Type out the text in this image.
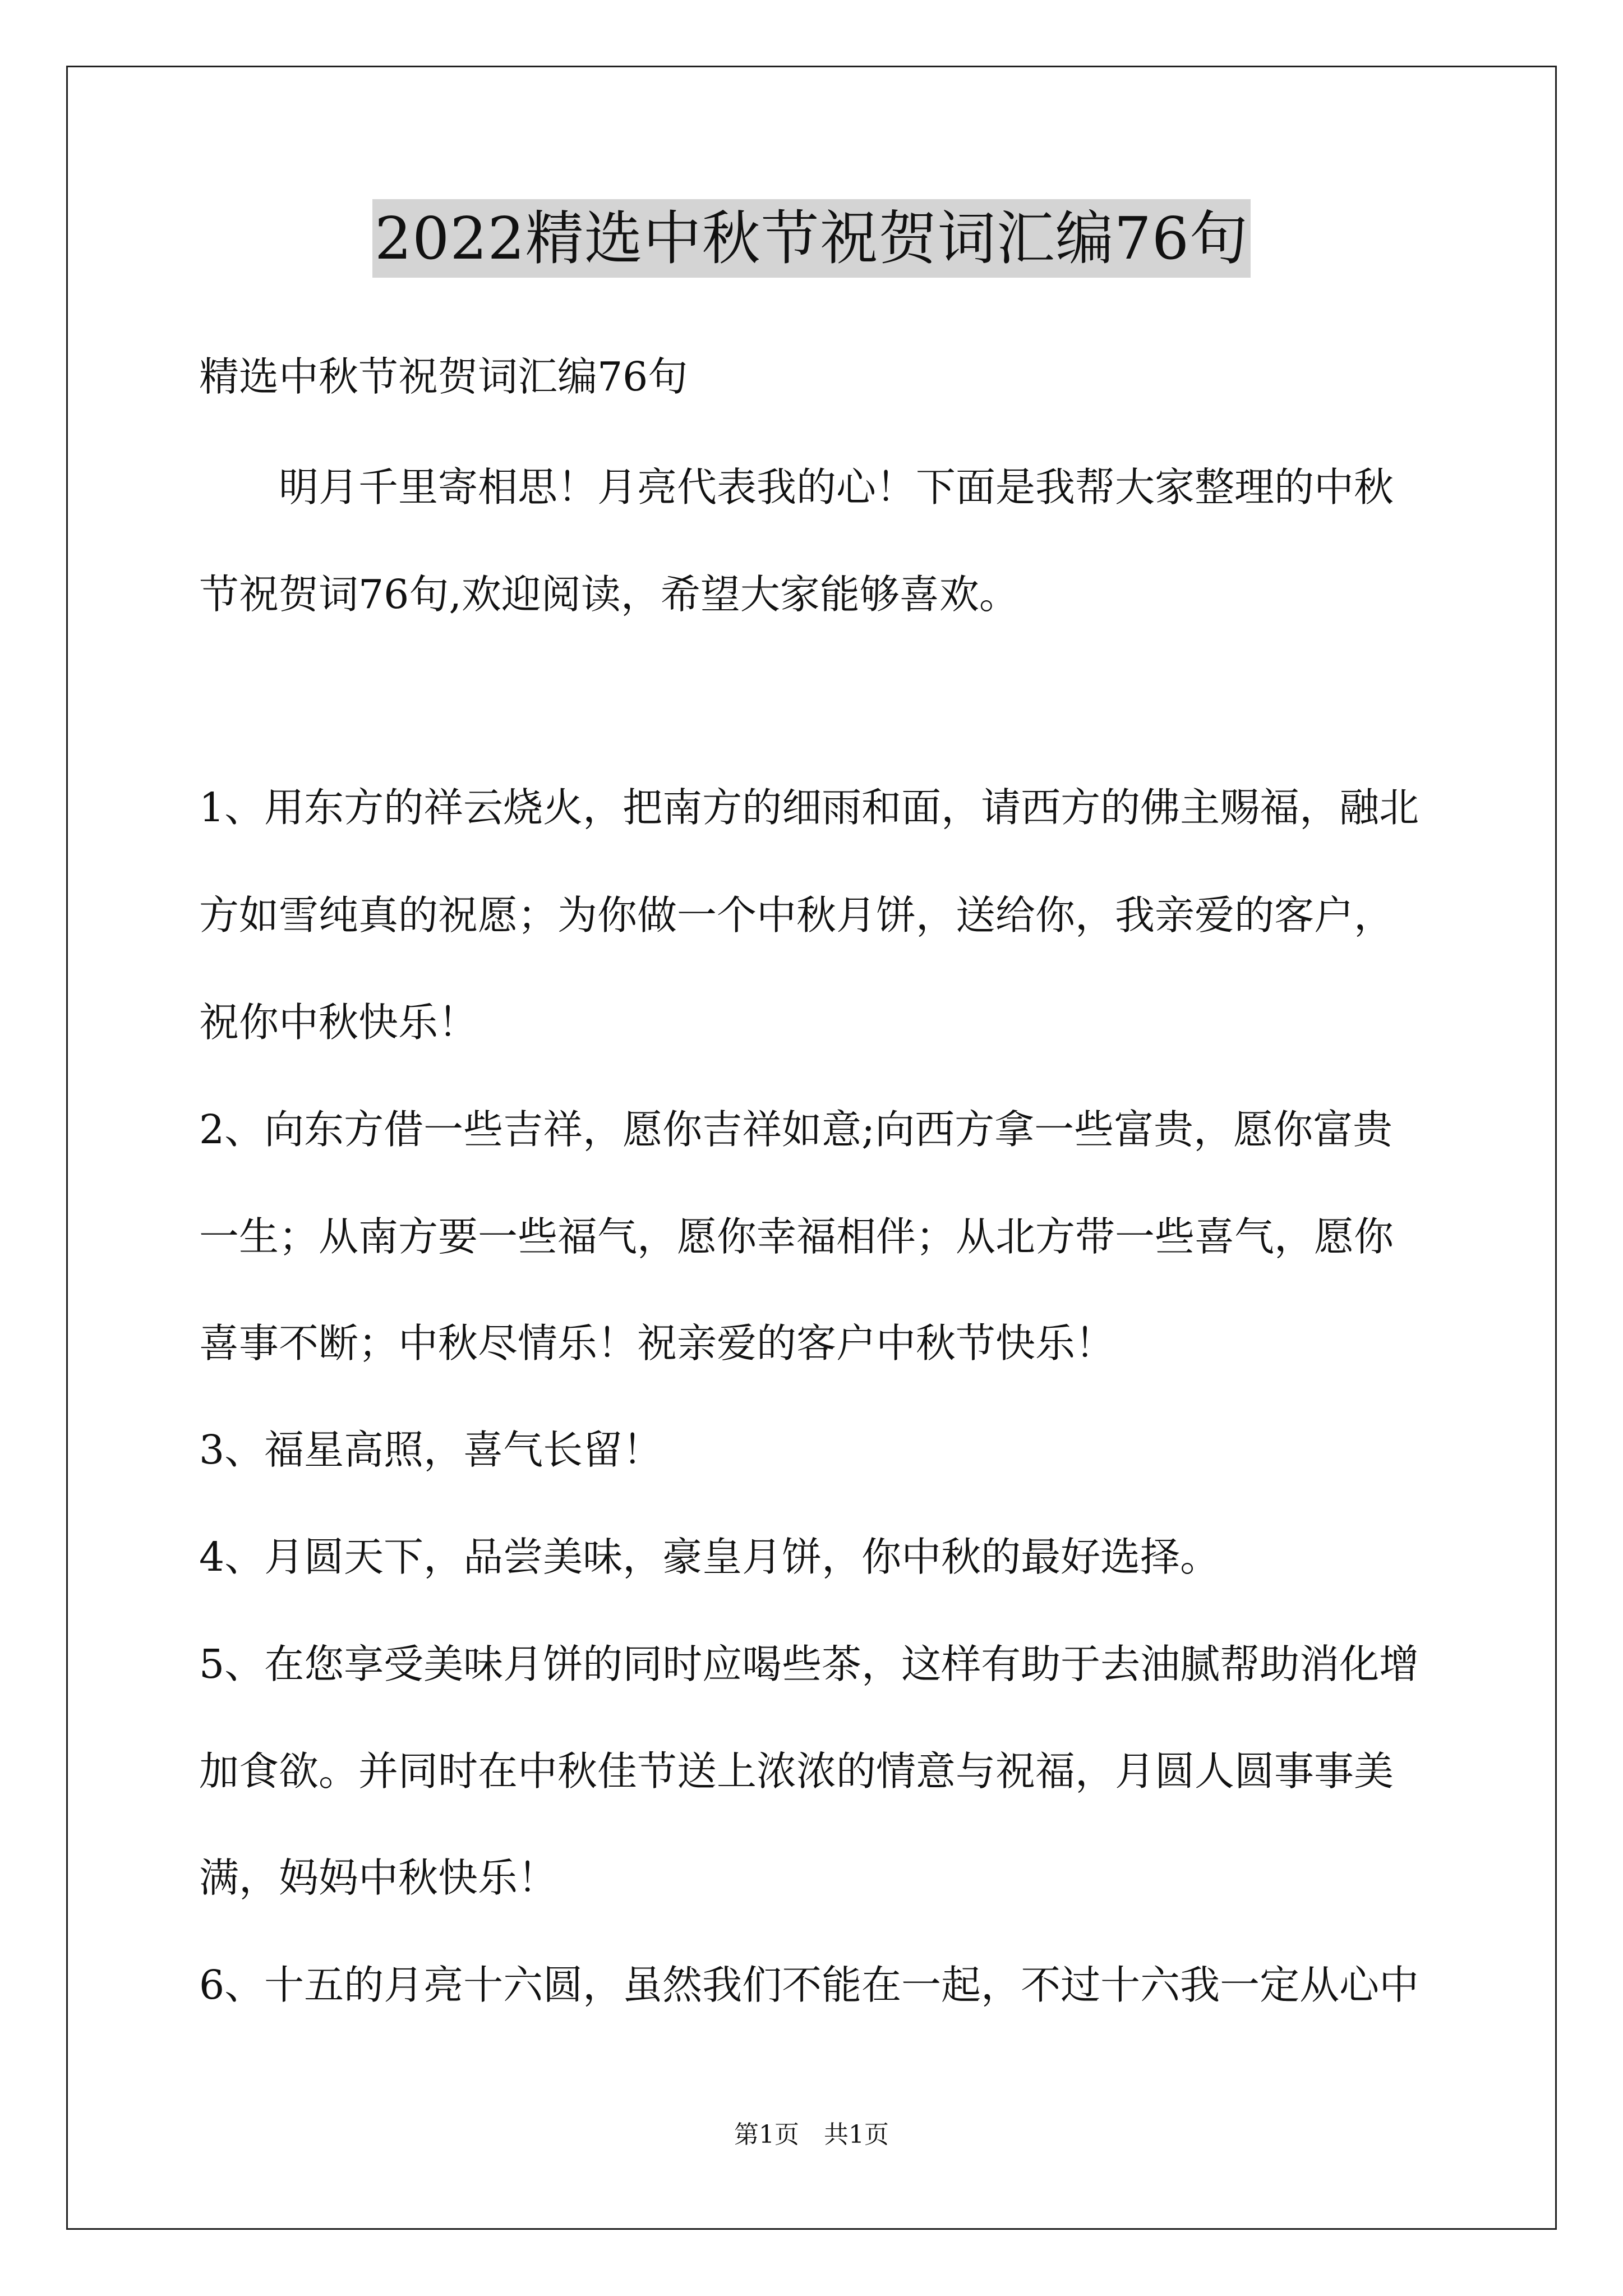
2022精选中秋节祝贺词汇编76句
精选中秋节祝贺词汇编76句
明月千里寄相思！月亮代表我的心！下面是我帮大家整理的中秋
节祝贺词76句,欢迎阅读，希望大家能够喜欢。
1、用东方的祥云烧火，把南方的细雨和面，请西方的佛主赐福，融北
方如雪纯真的祝愿；为你做一个中秋月饼，送给你，我亲爱的客户，
祝你中秋快乐！
2、向东方借一些吉祥，愿你吉祥如意;向西方拿一些富贵，愿你富贵
一生；从南方要一些福气，愿你幸福相伴；从北方带一些喜气，愿你
喜事不断；中秋尽情乐！祝亲爱的客户中秋节快乐！
3、福星高照，喜气长留！
4、月圆天下，品尝美味，豪皇月饼，你中秋的最好选择。
5、在您享受美味月饼的同时应喝些茶，这样有助于去油腻帮助消化增
加食欲。并同时在中秋佳节送上浓浓的情意与祝福，月圆人圆事事美
满，妈妈中秋快乐！
6、十五的月亮十六圆，虽然我们不能在一起，不过十六我一定从心中
第1页　共1页
